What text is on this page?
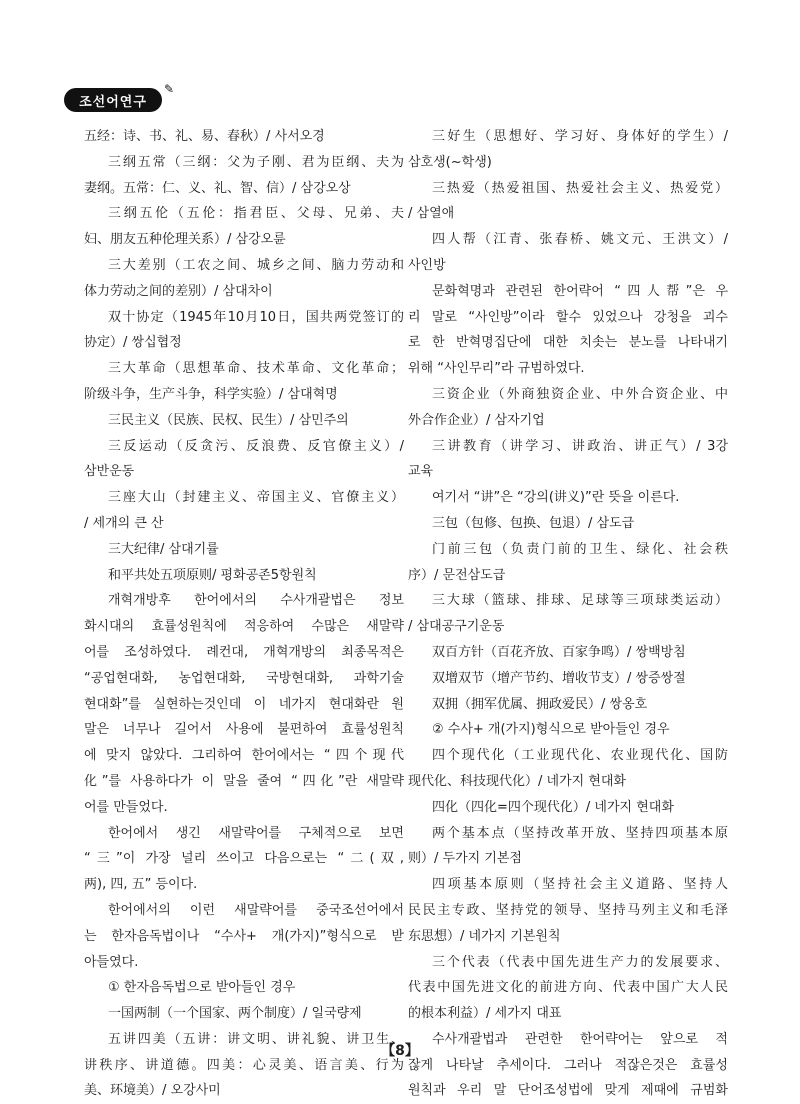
조선어연구
✎
五经：诗、书、礼、易、春秋）/ 사서오경
三纲五常（三纲：父为子刚、君为臣纲、夫为
妻纲。五常：仁、义、礼、智、信）/ 삼강오상
三纲五伦（五伦：指君臣、父母、兄弟、夫
妇、朋友五种伦理关系）/ 삼강오륜
三大差别（工农之间、城乡之间、脑力劳动和
体力劳动之间的差别）/ 삼대차이
双十协定（1945年10月10日，国共两党签订的
协定）/ 쌍십협정
三大革命（思想革命、技术革命、文化革命；
阶级斗争，生产斗争，科学实验）/ 삼대혁명
三民主义（民族、民权、民生）/ 삼민주의
三反运动（反贪污、反浪费、反官僚主义）/
삼반운동
三座大山（封建主义、帝国主义、官僚主义）
/ 세개의 큰 산
三大纪律/ 삼대기률
和平共处五项原则/ 평화공존5항원칙
개혁개방후 한어에서의 수사개괄법은 정보
화시대의 효률성원칙에 적응하여 수많은 새말략
어를 조성하였다. 례컨대, 개혁개방의 최종목적은
“공업현대화, 농업현대화, 국방현대화, 과학기술
현대화”를 실현하는것인데 이 네가지 현대화란 원
말은 너무나 길어서 사용에 불편하여 효률성원칙
에 맞지 않았다. 그리하여 한어에서는 “四个现代
化”를 사용하다가 이 말을 줄여 “四化”란 새말략
어를 만들었다.
한어에서 생긴 새말략어를 구체적으로 보면
“三”이 가장 널리 쓰이고 다음으로는 “二(双,
两), 四, 五” 등이다.
한어에서의 이런 새말략어를 중국조선어에서
는 한자음독법이나 “수사+ 개(가지)”형식으로 받
아들였다.
① 한자음독법으로 받아들인 경우
一国两制（一个国家、两个制度）/ 일국량제
五讲四美（五讲：讲文明、讲礼貌、讲卫生、
讲秩序、讲道德。四美：心灵美、语言美、行为
美、环境美）/ 오강사미
三好生（思想好、学习好、身体好的学生）/
삼호생(~학생)
三热爱（热爱祖国、热爱社会主义、热爱党）
/ 삼열애
四人帮（江青、张春桥、姚文元、王洪文）/
사인방
문화혁명과 관련된 한어략어 “四人帮”은 우
리 말로 “사인방”이라 할수 있었으나 강청을 괴수
로 한 반혁명집단에 대한 치솟는 분노를 나타내기
위해 “사인무리”라 규범하였다.
三资企业（外商独资企业、中外合资企业、中
外合作企业）/ 삼자기업
三讲教育（讲学习、讲政治、讲正气）/ 3강
교육
여기서 “讲”은 “강의(讲义)”란 뜻을 이른다.
三包（包修、包换、包退）/ 삼도급
门前三包（负责门前的卫生、绿化、社会秩
序）/ 문전삼도급
三大球（篮球、排球、足球等三项球类运动）
/ 삼대공구기운동
双百方针（百花齐放、百家争鸣）/ 쌍백방침
双增双节（增产节约、增收节支）/ 쌍증쌍절
双拥（拥军优属、拥政爱民）/ 쌍옹호
② 수사+ 개(가지)형식으로 받아들인 경우
四个现代化（工业现代化、农业现代化、国防
现代化、科技现代化）/ 네가지 현대화
四化（四化=四个现代化）/ 네가지 현대화
两个基本点（坚持改革开放、坚持四项基本原
则）/ 두가지 기본점
四项基本原则（坚持社会主义道路、坚持人
民民主专政、坚持党的领导、坚持马列主义和毛泽
东思想）/ 네가지 기본원칙
三个代表（代表中国先进生产力的发展要求、
代表中国先进文化的前进方向、代表中国广大人民
的根本利益）/ 세가지 대표
수사개괄법과 관련한 한어략어는 앞으로 적
잖게 나타날 추세이다. 그러나 적잖은것은 효률성
원칙과 우리 말 단어조성법에 맞게 제때에 규범화
【8】
